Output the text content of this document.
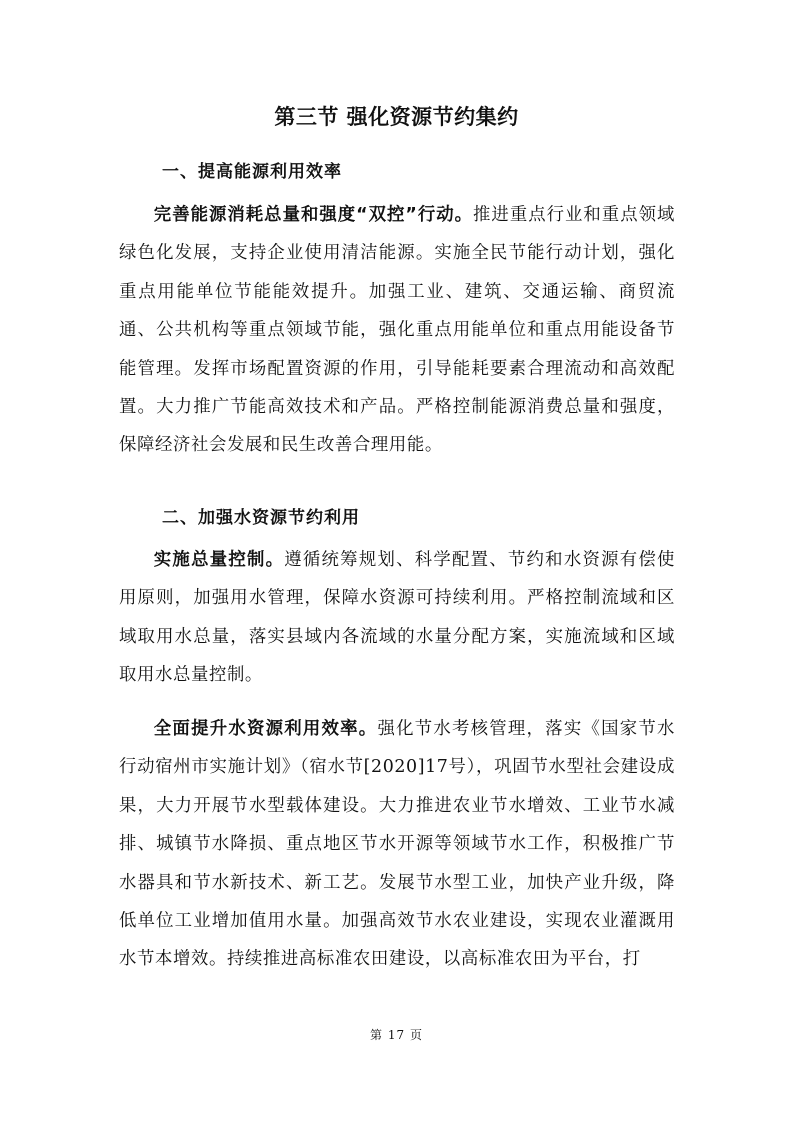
第三节 强化资源节约集约
一、提高能源利用效率
完善能源消耗总量和强度“双控”行动。推进重点行业和重点领域绿色化发展，支持企业使用清洁能源。实施全民节能行动计划，强化重点用能单位节能能效提升。加强工业、建筑、交通运输、商贸流通、公共机构等重点领域节能，强化重点用能单位和重点用能设备节能管理。发挥市场配置资源的作用，引导能耗要素合理流动和高效配置。大力推广节能高效技术和产品。严格控制能源消费总量和强度，保障经济社会发展和民生改善合理用能。
二、加强水资源节约利用
实施总量控制。遵循统筹规划、科学配置、节约和水资源有偿使用原则，加强用水管理，保障水资源可持续利用。严格控制流域和区域取用水总量，落实县域内各流域的水量分配方案，实施流域和区域取用水总量控制。
全面提升水资源利用效率。强化节水考核管理，落实《国家节水行动宿州市实施计划》（宿水节[2020]17号），巩固节水型社会建设成果，大力开展节水型载体建设。大力推进农业节水增效、工业节水减排、城镇节水降损、重点地区节水开源等领域节水工作，积极推广节水器具和节水新技术、新工艺。发展节水型工业，加快产业升级，降低单位工业增加值用水量。加强高效节水农业建设，实现农业灌溉用水节本增效。持续推进高标准农田建设，以高标准农田为平台，打
第 17 页
